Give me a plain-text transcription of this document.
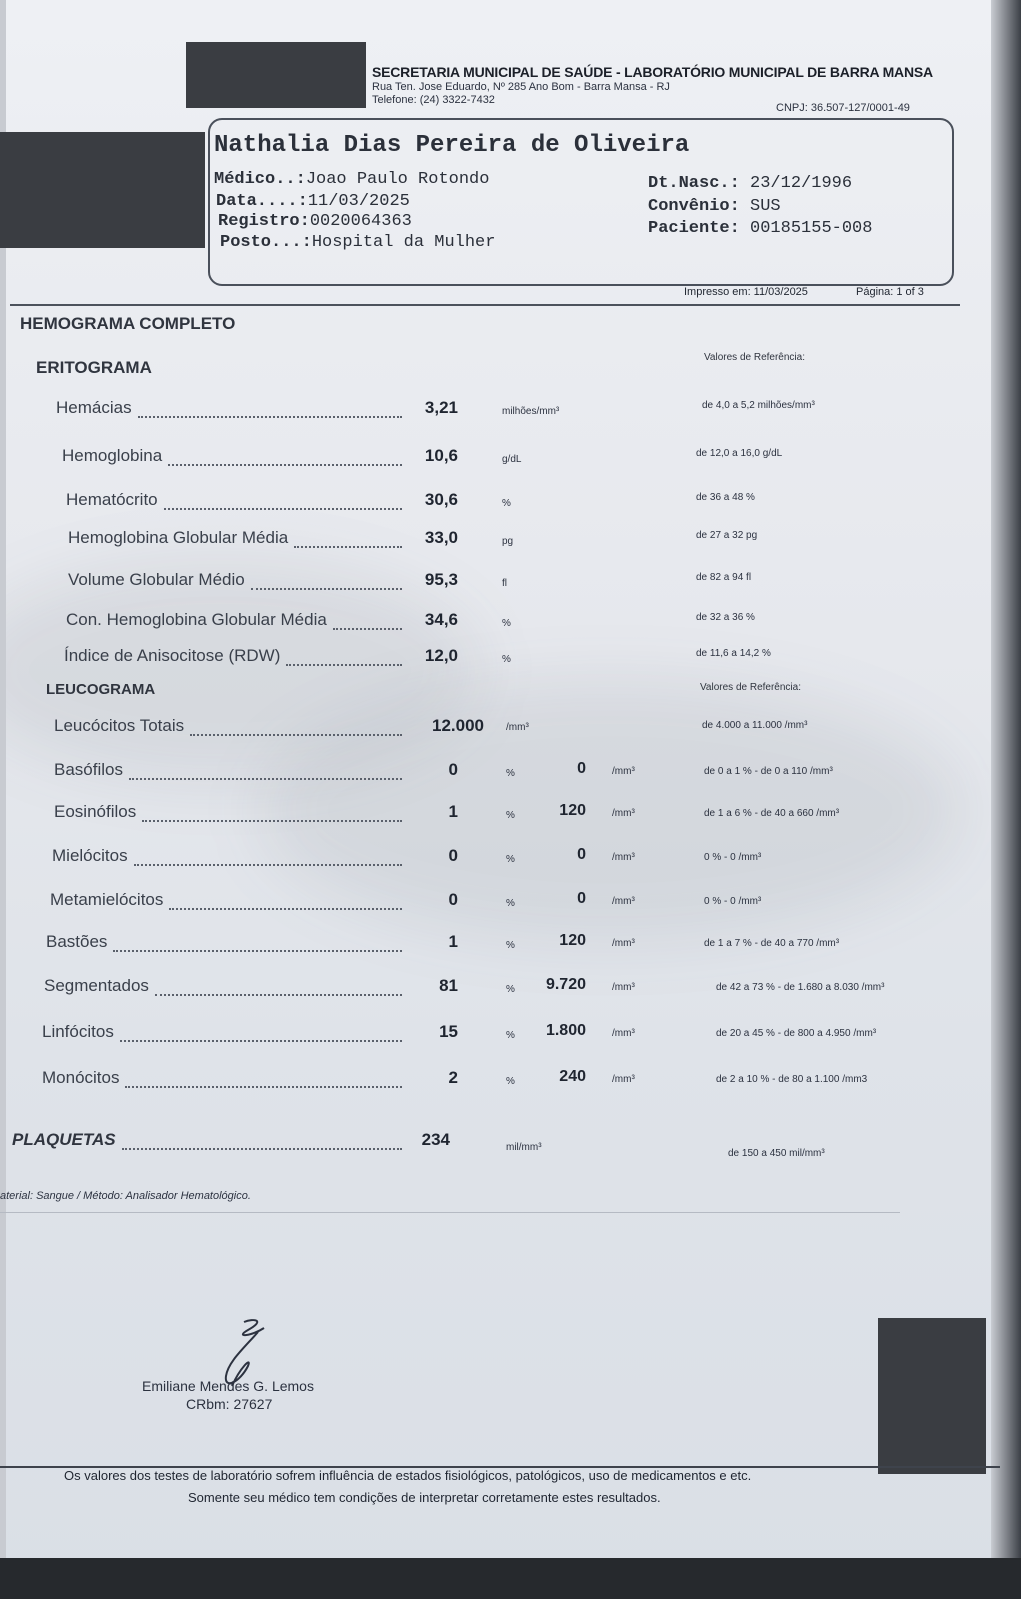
SECRETARIA MUNICIPAL DE SAÚDE - LABORATÓRIO MUNICIPAL DE BARRA MANSA
Rua Ten. Jose Eduardo, Nº 285 Ano Bom - Barra Mansa - RJ
Telefone: (24) 3322-7432
CNPJ: 36.507-127/0001-49
Nathalia Dias Pereira de Oliveira
Médico..:Joao Paulo Rotondo
Data....:11/03/2025
Registro:0020064363
Posto...:Hospital da Mulher
Dt.Nasc.: 23/12/1996
Convênio: SUS
Paciente: 00185155-008
Impresso em: 11/03/2025	Página: 1 of 3
HEMOGRAMA COMPLETO
ERITOGRAMA
Valores de Referência:
Hemácias	3,21	milhões/mm³
de 4,0 a 5,2 milhões/mm³
Hemoglobina	10,6	g/dL
de 12,0 a 16,0 g/dL
Hematócrito	30,6	%
de 36 a 48 %
Hemoglobina Globular Média	33,0	pg
de 27 a 32 pg
Volume Globular Médio	95,3	fl
de 82 a 94 fl
Con. Hemoglobina Globular Média	34,6	%
de 32 a 36 %
Índice de Anisocitose (RDW)	12,0	%
de 11,6 a 14,2 %
LEUCOGRAMA	Valores de Referência:
Leucócitos Totais	12.000 /mm³	de 4.000 a 11.000 /mm³
Basófilos	0	%	0	/mm³	de 0 a 1 % - de 0 a 110 /mm³
Eosinófilos	1	%	120	/mm³	de 1 a 6 % - de 40 a 660 /mm³
Mielócitos	0	%	0	/mm³	0 % - 0 /mm³
Metamielócitos	0	%	0	/mm³	0 % - 0 /mm³
Bastões	1	%	120	/mm³	de 1 a 7 % - de 40 a 770 /mm³
Segmentados	81	%	9.720	/mm³	de 42 a 73 % - de 1.680 a 8.030 /mm³
Linfócitos	15	%	1.800	/mm³	de 20 a 45 % - de 800 a 4.950 /mm³
Monócitos	2	%	240	/mm³	de 2 a 10 % - de 80 a 1.100 /mm3
PLAQUETAS	234	mil/mm³
de 150 a 450 mil/mm³
aterial: Sangue / Método: Analisador Hematológico.
Emiliane Mendes G. Lemos
CRbm: 27627
Os valores dos testes de laboratório sofrem influência de estados fisiológicos, patológicos, uso de medicamentos e etc.
Somente seu médico tem condições de interpretar corretamente estes resultados.
